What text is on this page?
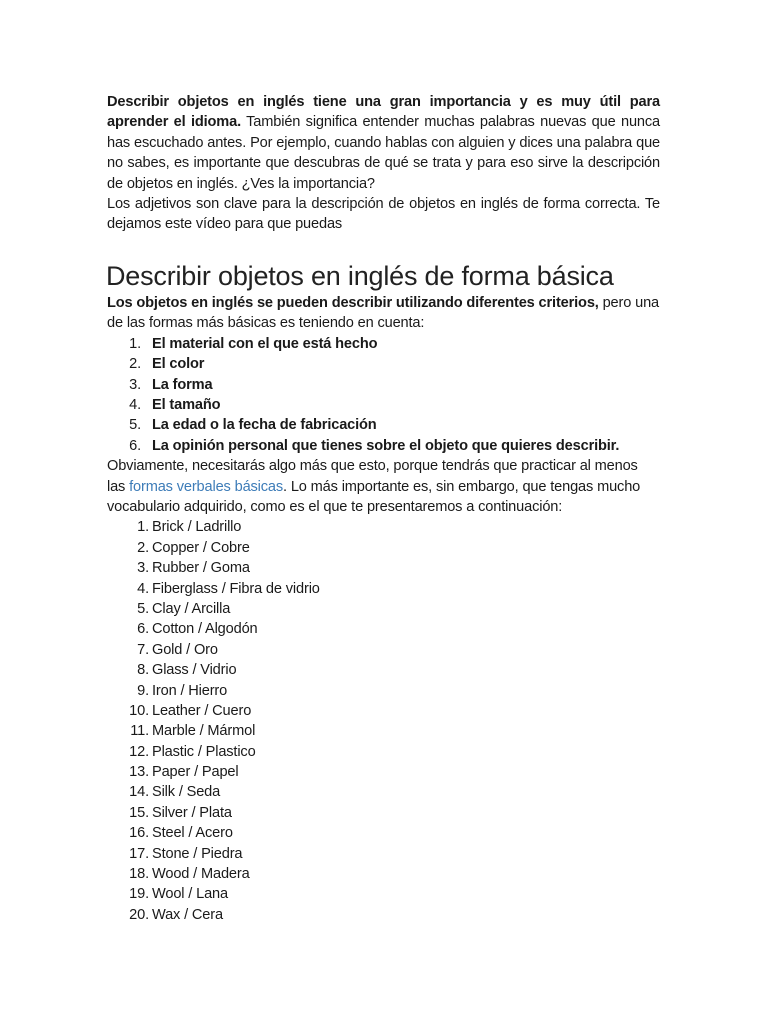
Describir objetos en inglés tiene una gran importancia y es muy útil para aprender el idioma. También significa entender muchas palabras nuevas que nunca has escuchado antes. Por ejemplo, cuando hablas con alguien y dices una palabra que no sabes, es importante que descubras de qué se trata y para eso sirve la descripción de objetos en inglés. ¿Ves la importancia?

Los adjetivos son clave para la descripción de objetos en inglés de forma correcta. Te dejamos este vídeo para que puedas

Describir objetos en inglés de forma básica

Los objetos en inglés se pueden describir utilizando diferentes criterios, pero una de las formas más básicas es teniendo en cuenta:

1. El material con el que está hecho
2. El color
3. La forma
4. El tamaño
5. La edad o la fecha de fabricación
6. La opinión personal que tienes sobre el objeto que quieres describir.

Obviamente, necesitarás algo más que esto, porque tendrás que practicar al menos

las formas verbales básicas. Lo más importante es, sin embargo, que tengas mucho

vocabulario adquirido, como es el que te presentaremos a continuación:

1. Brick / Ladrillo
2. Copper / Cobre
3. Rubber / Goma
4. Fiberglass / Fibra de vidrio
5. Clay / Arcilla
6. Cotton / Algodón
7. Gold / Oro
8. Glass / Vidrio
9. Iron / Hierro
10. Leather / Cuero
11. Marble / Mármol
12. Plastic / Plastico
13. Paper / Papel
14. Silk / Seda
15. Silver / Plata
16. Steel / Acero
17. Stone / Piedra
18. Wood / Madera
19. Wool / Lana
20. Wax / Cera
